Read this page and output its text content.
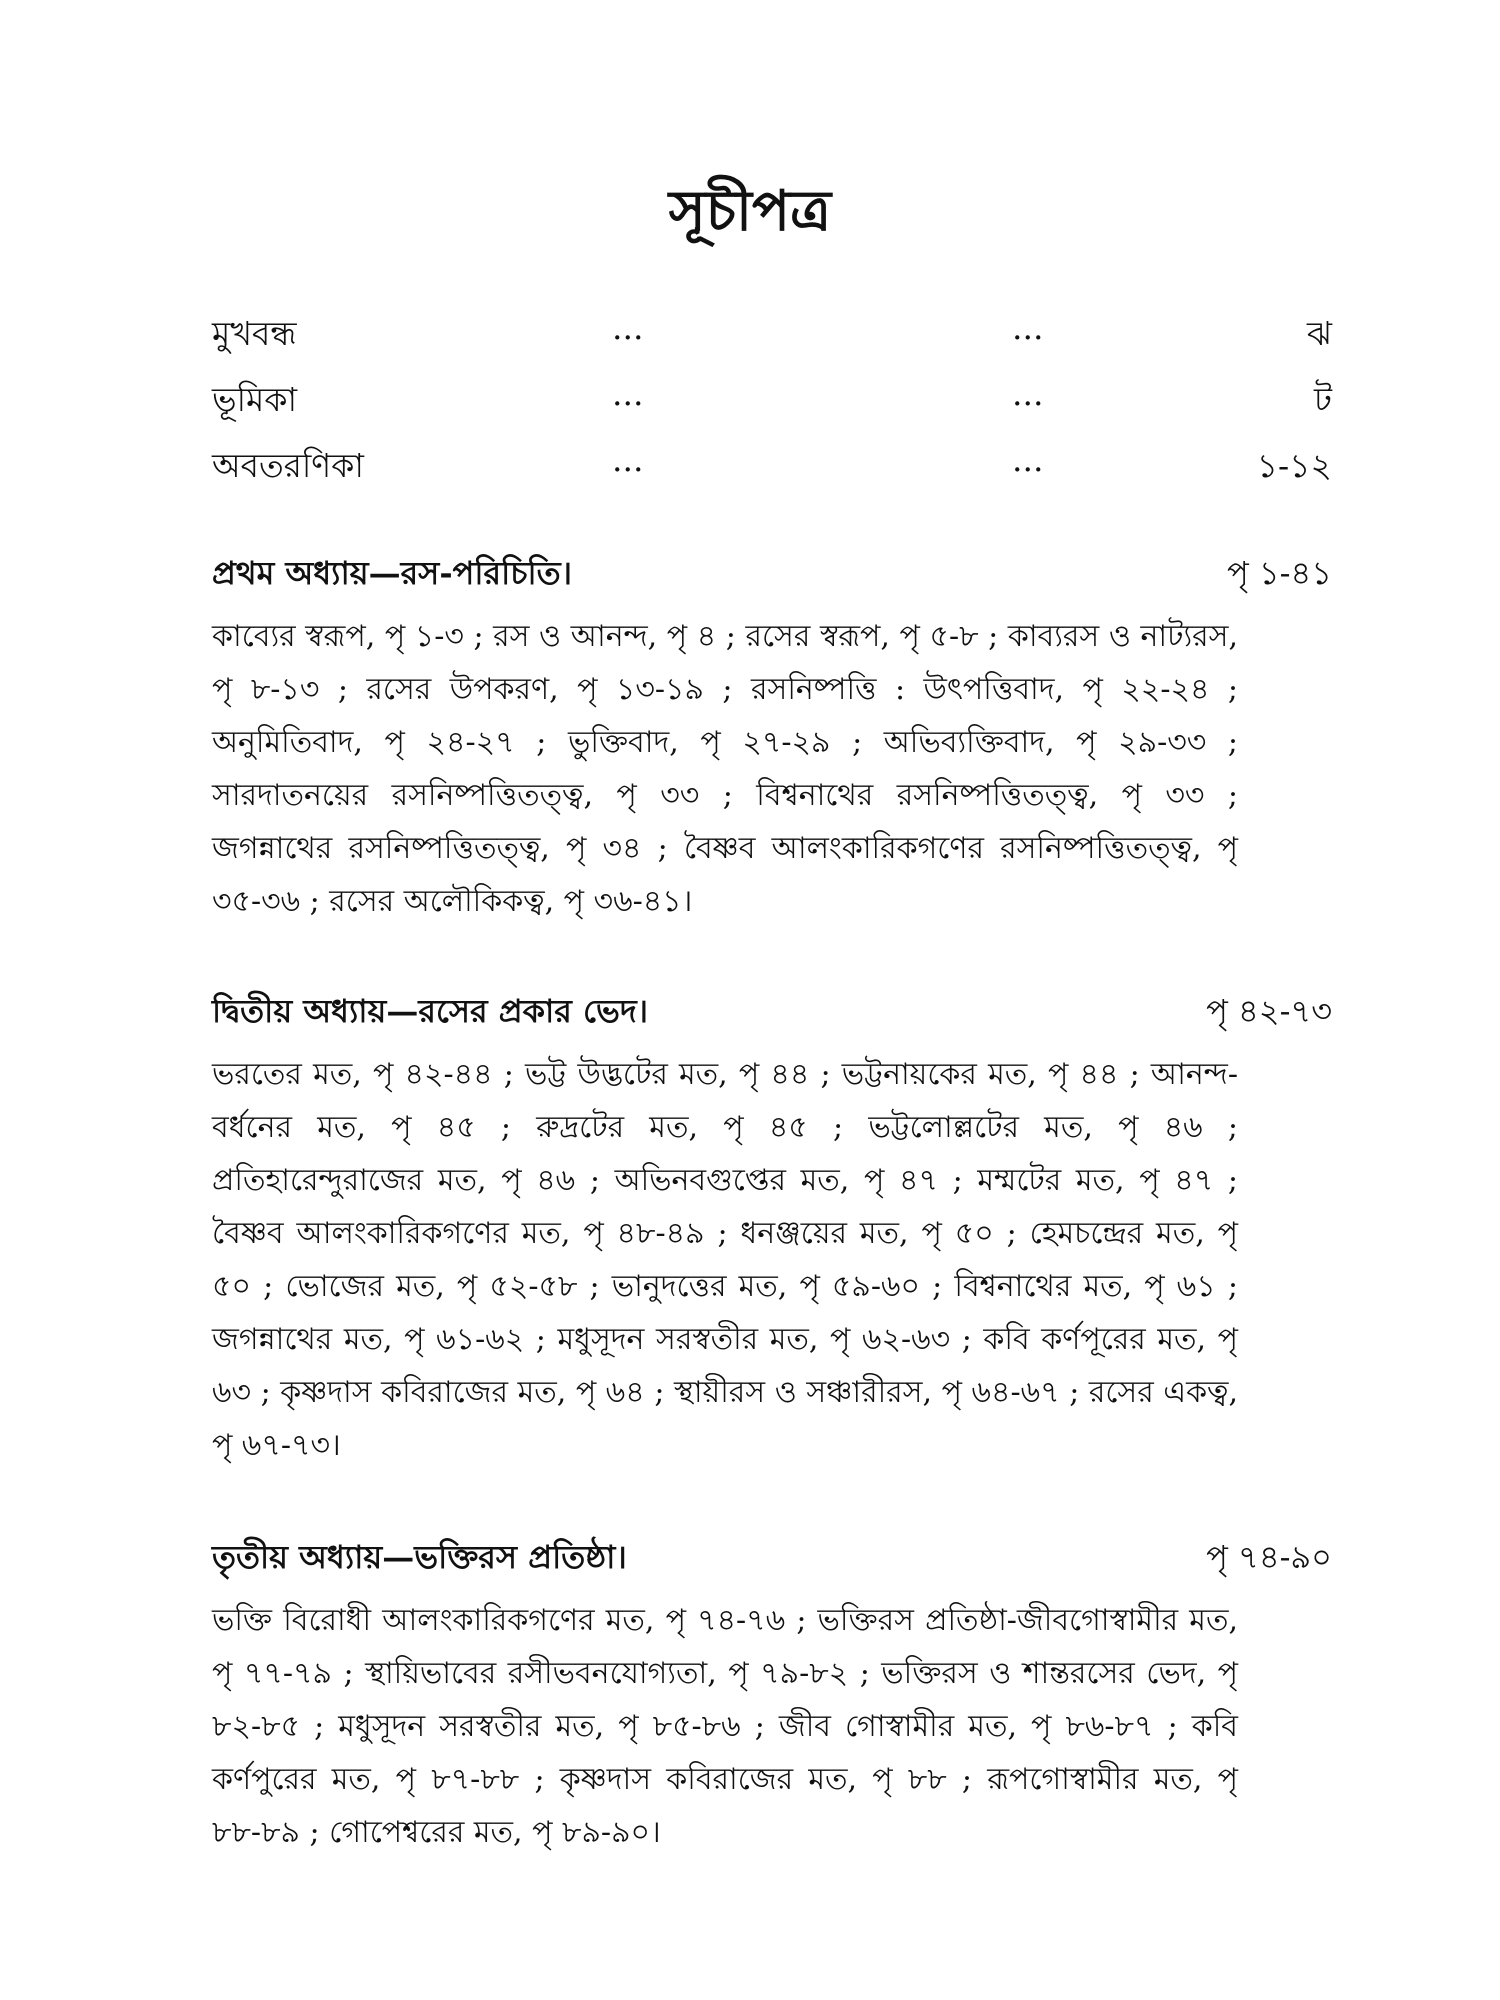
সূচীপত্র
মুখবন্ধ	...	...	ঝ
ভূমিকা	...	...	ট
অবতরণিকা	...	...	১-১২
প্রথম অধ্যায়—রস-পরিচিতি।	পৃ ১-৪১

কাব্যের স্বরূপ, পৃ ১-৩ ; রস ও আনন্দ, পৃ ৪ ; রসের স্বরূপ, পৃ ৫-৮ ; কাব্যরস ও নাট্যরস, পৃ ৮-১৩ ; রসের উপকরণ, পৃ ১৩-১৯ ; রসনিষ্পত্তি : উৎপত্তিবাদ, পৃ ২২-২৪ ; অনুমিতিবাদ, পৃ ২৪-২৭ ; ভুক্তিবাদ, পৃ ২৭-২৯ ; অভিব্যক্তিবাদ, পৃ ২৯-৩৩ ; সারদাতনয়ের রসনিষ্পত্তিতত্ত্ব, পৃ ৩৩ ; বিশ্বনাথের রসনিষ্পত্তিতত্ত্ব, পৃ ৩৩ ; জগন্নাথের রসনিষ্পত্তিতত্ত্ব, পৃ ৩৪ ; বৈষ্ণব আলংকারিকগণের রসনিষ্পত্তিতত্ত্ব, পৃ ৩৫-৩৬ ; রসের অলৌকিকত্ব, পৃ ৩৬-৪১।

দ্বিতীয় অধ্যায়—রসের প্রকার ভেদ।	পৃ ৪২-৭৩

ভরতের মত, পৃ ৪২-৪৪ ; ভট্ট উদ্ভটের মত, পৃ ৪৪ ; ভট্টনায়কের মত, পৃ ৪৪ ; আনন্দ-বর্ধনের মত, পৃ ৪৫ ; রুদ্রটের মত, পৃ ৪৫ ; ভট্টলোল্লটের মত, পৃ ৪৬ ; প্রতিহারেন্দুরাজের মত, পৃ ৪৬ ; অভিনবগুপ্তের মত, পৃ ৪৭ ; মম্মটের মত, পৃ ৪৭ ; বৈষ্ণব আলংকারিকগণের মত, পৃ ৪৮-৪৯ ; ধনঞ্জয়ের মত, পৃ ৫০ ; হেমচন্দ্রের মত, পৃ ৫০ ; ভোজের মত, পৃ ৫২-৫৮ ; ভানুদত্তের মত, পৃ ৫৯-৬০ ; বিশ্বনাথের মত, পৃ ৬১ ; জগন্নাথের মত, পৃ ৬১-৬২ ; মধুসূদন সরস্বতীর মত, পৃ ৬২-৬৩ ; কবি কর্ণপূরের মত, পৃ ৬৩ ; কৃষ্ণদাস কবিরাজের মত, পৃ ৬৪ ; স্থায়ীরস ও সঞ্চারীরস, পৃ ৬৪-৬৭ ; রসের একত্ব, পৃ ৬৭-৭৩।

তৃতীয় অধ্যায়—ভক্তিরস প্রতিষ্ঠা।	পৃ ৭৪-৯০

ভক্তি বিরোধী আলংকারিকগণের মত, পৃ ৭৪-৭৬ ; ভক্তিরস প্রতিষ্ঠা-জীবগোস্বামীর মত, পৃ ৭৭-৭৯ ; স্থায়িভাবের রসীভবনযোগ্যতা, পৃ ৭৯-৮২ ; ভক্তিরস ও শান্তরসের ভেদ, পৃ ৮২-৮৫ ; মধুসূদন সরস্বতীর মত, পৃ ৮৫-৮৬ ; জীব গোস্বামীর মত, পৃ ৮৬-৮৭ ; কবি কর্ণপুরের মত, পৃ ৮৭-৮৮ ; কৃষ্ণদাস কবিরাজের মত, পৃ ৮৮ ; রূপগোস্বামীর মত, পৃ ৮৮-৮৯ ; গোপেশ্বরের মত, পৃ ৮৯-৯০।
